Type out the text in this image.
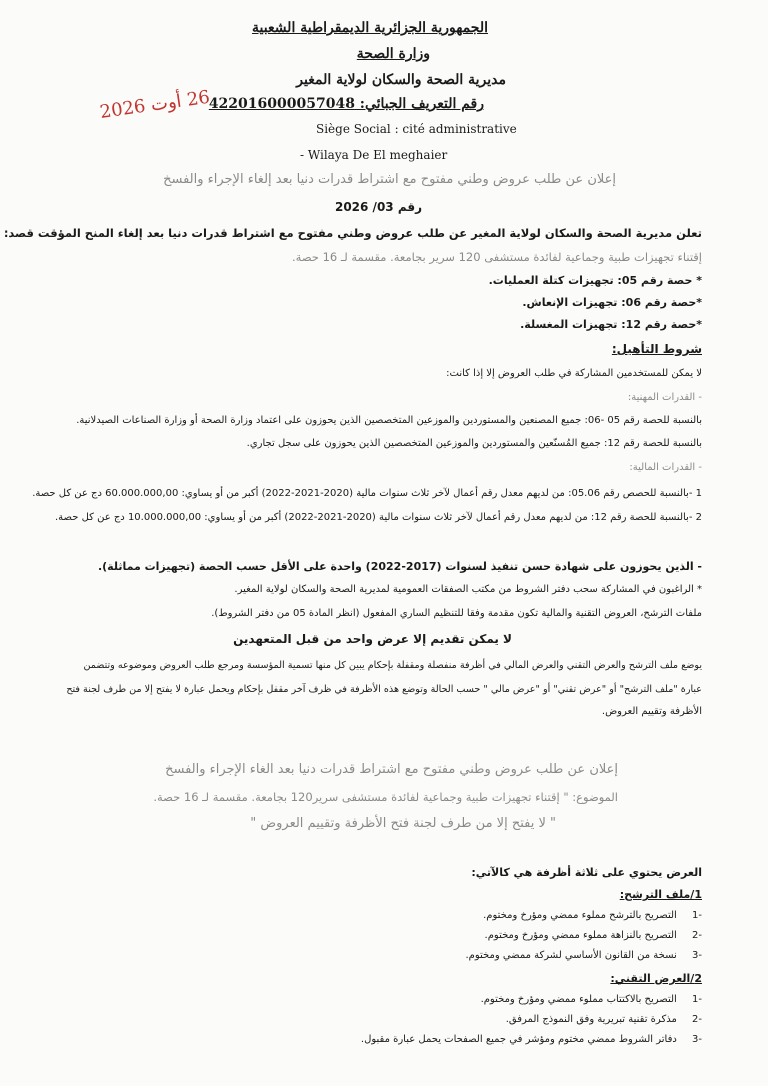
الجمهورية الجزائرية الديمقراطية الشعبية
وزارة الصحة
مديرية الصحة والسكان لولاية المغير
رقم التعريف الجبائي: 422016000057048
26 أوت 2026
Siège Social : cité administrative
- Wilaya De El meghaier
إعلان عن طلب عروض وطني مفتوح مع اشتراط قدرات دنيا بعد إلغاء الإجراء والفسخ
رقم 03/ 2026
تعلن مديرية الصحة والسكان لولاية المغير عن طلب عروض وطني مفتوح مع اشتراط قدرات دنيا بعد إلغاء المنح المؤقت قصد:
إقتناء تجهيزات طبية وجماعية لفائدة مستشفى 120 سرير بجامعة. مقسمة لـ 16 حصة.
* حصة رقم 05: تجهيزات كتلة العمليات.
*حصة رقم 06: تجهيزات الإنعاش.
*حصة رقم 12: تجهيزات المغسلة.
شروط التأهيل:
لا يمكن للمستخدمين المشاركة في طلب العروض إلا إذا كانت:
- القدرات المهنية:
بالنسبة للحصة رقم 05 -06: جميع المصنعين والمستوردين والموزعين المتخصصين الذين يحوزون على اعتماد وزارة الصحة أو وزارة الصناعات الصيدلانية.
بالنسبة للحصة رقم 12: جميع المُسنّعين والمستوردين والموزعين المتخصصين الذين يحوزون على سجل تجاري.
- القدرات المالية:
1 -بالنسبة للحصص رقم 05.06: من لديهم معدل رقم أعمال لآخر ثلاث سنوات مالية (2020-2021-2022) أكبر من أو يساوي: 60.000.000,00 دج عن كل حصة.
2 -بالنسبة للحصة رقم 12: من لديهم معدل رقم أعمال لآخر ثلاث سنوات مالية (2020-2021-2022) أكبر من أو يساوي: 10.000.000,00 دج عن كل حصة.
- الذين يحوزون على شهادة حسن تنفيذ لسنوات (2017-2022) واحدة على الأقل حسب الحصة (تجهيزات مماثلة).
* الراغبون في المشاركة سحب دفتر الشروط من مكتب الصفقات العمومية لمديرية الصحة والسكان لولاية المغير.
ملفات الترشح، العروض التقنية والمالية تكون مقدمة وفقا للتنظيم الساري المفعول (انظر المادة 05 من دفتر الشروط).
لا يمكن تقديم إلا عرض واحد من قبل المتعهدين
يوضع ملف الترشح والعرض التقني والعرض المالي في أظرفة منفصلة ومقفلة بإحكام يبين كل منها تسمية المؤسسة ومرجع طلب العروض وموضوعه وتتضمن
عبارة "ملف الترشح" أو "عرض تقني" أو "عرض مالي " حسب الحالة وتوضع هذه الأظرفة في ظرف آخر مقفل بإحكام ويحمل عبارة لا يفتح إلا من طرف لجنة فتح
الأظرفة وتقييم العروض.
إعلان عن طلب عروض وطني مفتوح مع اشتراط قدرات دنيا بعد الغاء الإجراء والفسخ
الموضوع: " إقتناء تجهيزات طبية وجماعية لفائدة مستشفى سرير120 بجامعة. مقسمة لـ 16 حصة.
" لا يفتح إلا من طرف لجنة فتح الأظرفة وتقييم العروض "
العرض يحتوي على ثلاثة أظرفة هي كالآتي:
1/ملف الترشح:
-1 التصريح بالترشح مملوء ممضي ومؤرخ ومختوم.
-2 التصريح بالنزاهة مملوء ممضي ومؤرخ ومختوم.
-3 نسخة من القانون الأساسي لشركة ممضي ومختوم.
2/العرض التقني:
-1 التصريح بالاكتتاب مملوء ممضي ومؤرخ ومختوم.
-2 مذكرة تقنية تبريرية وفق النموذج المرفق.
-3 دفاتر الشروط ممضي مختوم ومؤشر في جميع الصفحات يحمل عبارة مقبول.
